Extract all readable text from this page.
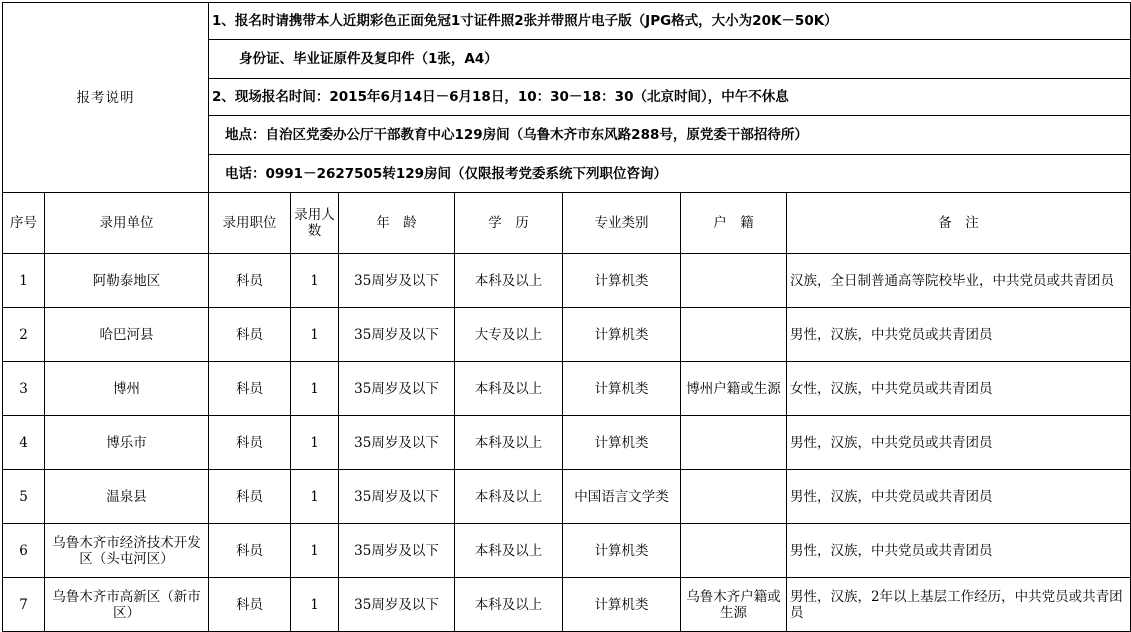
报考说明		1、报名时请携带本人近期彩色正面免冠1寸证件照2张并带照片电子版（JPG格式，大小为20K－50K）						
		身份证、毕业证原件及复印件（1张，A4）						
		2、现场报名时间：2015年6月14日－6月18日，10：30－18：30（北京时间），中午不休息						
		地点：自治区党委办公厅干部教育中心129房间（乌鲁木齐市东风路288号，原党委干部招待所）						
		电话：0991－2627505转129房间（仅限报考党委系统下列职位咨询）						
序号	录用单位	录用职位	录用人数	年　龄	学　历	专业类别	户　籍	备　注
1	阿勒泰地区	科员	1	35周岁及以下	本科及以上	计算机类		汉族，全日制普通高等院校毕业，中共党员或共青团员
2	哈巴河县	科员	1	35周岁及以下	大专及以上	计算机类		男性，汉族，中共党员或共青团员
3	博州	科员	1	35周岁及以下	本科及以上	计算机类	博州户籍或生源	女性，汉族，中共党员或共青团员
4	博乐市	科员	1	35周岁及以下	本科及以上	计算机类		男性，汉族，中共党员或共青团员
5	温泉县	科员	1	35周岁及以下	本科及以上	中国语言文学类		男性，汉族，中共党员或共青团员
6	乌鲁木齐市经济技术开发区（头屯河区）	科员	1	35周岁及以下	本科及以上	计算机类		男性，汉族，中共党员或共青团员
7	乌鲁木齐市高新区（新市区）	科员	1	35周岁及以下	本科及以上	计算机类	乌鲁木齐户籍或生源	男性，汉族，2年以上基层工作经历，中共党员或共青团员
